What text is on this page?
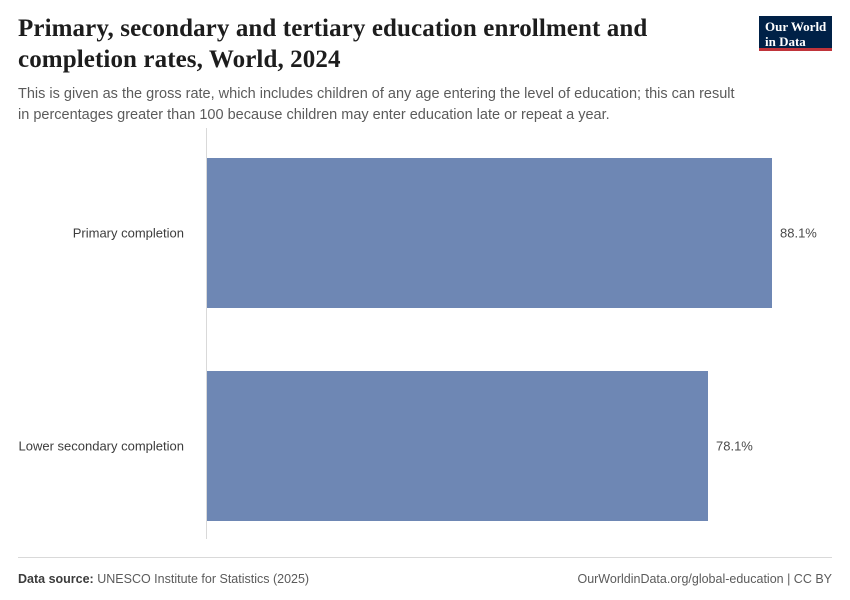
Primary, secondary and tertiary education enrollment and completion rates, World, 2024

This is given as the gross rate, which includes children of any age entering the level of education; this can result in percentages greater than 100 because children may enter education late or repeat a year.

Our World
in Data
Primary completion	88.1%
Lower secondary completion	78.1%
Data source: UNESCO Institute for Statistics (2025)	OurWorldinData.org/global-education | CC BY
